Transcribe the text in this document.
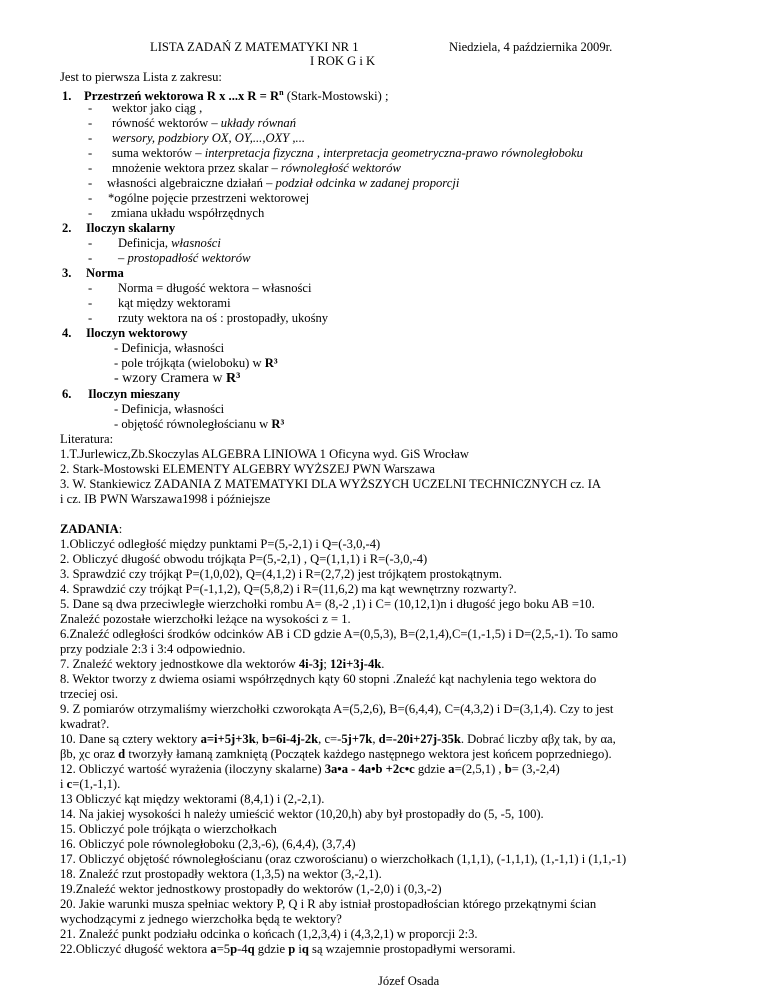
LISTA ZADAŃ Z MATEMATYKI NR 1	Niedziela, 4 października 2009r.
I ROK G i K
Jest to pierwsza Lista z zakresu:
1. Przestrzeń wektorowa R x ...x $R = R^n$ (Stark-Mostowski) ;
- wektor jako ciąg ,
- równość wektorów – układy równań
- wersory, podzbiory OX, OY,...,OXY ,...
- suma wektorów – interpretacja fizyczna , interpretacja geometryczna-prawo równoległoboku
- mnożenie wektora przez skalar – równoległość wektorów
- własności algebraiczne działań – podział odcinka w zadanej proporcji
- *ogólne pojęcie przestrzeni wektorowej
- zmiana układu współrzędnych
2. Iloczyn skalarny
- Definicja, własności
- – prostopadłość wektorów
3. Norma
- Norma = długość wektora – własności
- kąt między wektorami
- rzuty wektora na oś : prostopadły, ukośny
4. Iloczyn wektorowy
- Definicja, własności
- pole trójkąta (wieloboku) w R³
- wzory Cramera w R³
6. Iloczyn mieszany
- Definicja, własności
- objętość równoległościanu w R³
Literatura:
1.T.Jurlewicz,Zb.Skoczylas ALGEBRA LINIOWA 1 Oficyna wyd. GiS Wrocław
2. Stark-Mostowski ELEMENTY ALGEBRY WYŻSZEJ PWN Warszawa
3. W. Stankiewicz ZADANIA Z MATEMATYKI DLA WYŻSZYCH UCZELNI TECHNICZNYCH cz. IA
i cz. IB PWN Warszawa1998 i późniejsze
ZADANIA:
1.Obliczyć odległość między punktami P=(5,-2,1) i Q=(-3,0,-4)
2. Obliczyć długość obwodu trójkąta P=(5,-2,1) , Q=(1,1,1) i R=(-3,0,-4)
3. Sprawdzić czy trójkąt P=(1,0,02), Q=(4,1,2) i R=(2,7,2) jest trójkątem prostokątnym.
4. Sprawdzić czy trójkąt P=(-1,1,2), Q=(5,8,2) i R=(11,6,2) ma kąt wewnętrzny rozwarty?.
5. Dane są dwa przeciwległe wierzchołki rombu A= (8,-2 ,1) i C= (10,12,1)n i długość jego boku AB =10.
Znaleźć pozostałe wierzchołki leżące na wysokości z = 1.
6.Znaleźć odległości środków odcinków AB i CD gdzie A=(0,5,3), B=(2,1,4),C=(1,-1,5) i D=(2,5,-1). To samo
przy podziale 2:3 i 3:4 odpowiednio.
7. Znaleźć wektory jednostkowe dla wektorów 4i-3j; 12i+3j-4k.
8. Wektor tworzy z dwiema osiami współrzędnych kąty 60 stopni .Znaleźć kąt nachylenia tego wektora do
trzeciej osi.
9. Z pomiarów otrzymaliśmy wierzchołki czworokąta A=(5,2,6), B=(6,4,4), C=(4,3,2) i D=(3,1,4). Czy to jest
kwadrat?.
10. Dane są cztery wektory a=i+5j+3k, b=6i-4j-2k, c=-5j+7k, d=-20i+27j-35k. Dobrać liczby αβχ tak, by αa,
βb, χc oraz d tworzyły łamaną zamkniętą (Początek każdego następnego wektora jest końcem poprzedniego).
12. Obliczyć wartość wyrażenia (iloczyny skalarne) 3a•a - 4a•b +2c•c gdzie a=(2,5,1) , b= (3,-2,4)
i c=(1,-1,1).
13 Obliczyć kąt między wektorami (8,4,1) i (2,-2,1).
14. Na jakiej wysokości h należy umieścić wektor (10,20,h) aby był prostopadły do (5, -5, 100).
15. Obliczyć pole trójkąta o wierzchołkach
16. Obliczyć pole równoległoboku (2,3,-6), (6,4,4), (3,7,4)
17. Obliczyć objętość równoległościanu (oraz czworościanu) o wierzchołkach (1,1,1), (-1,1,1), (1,-1,1) i (1,1,-1)
18. Znaleźć rzut prostopadły wektora (1,3,5) na wektor (3,-2,1).
19.Znaleźć wektor jednostkowy prostopadły do wektorów (1,-2,0) i (0,3,-2)
20. Jakie warunki musza spełniac wektory P, Q i R aby istniał prostopadłościan którego przekątnymi ścian
wychodzącymi z jednego wierzchołka będą te wektory?
21. Znaleźć punkt podziału odcinka o końcach (1,2,3,4) i (4,3,2,1) w proporcji 2:3.
22.Obliczyć długość wektora a=5p-4q gdzie p iq są wzajemnie prostopadłymi wersorami.
Józef Osada
